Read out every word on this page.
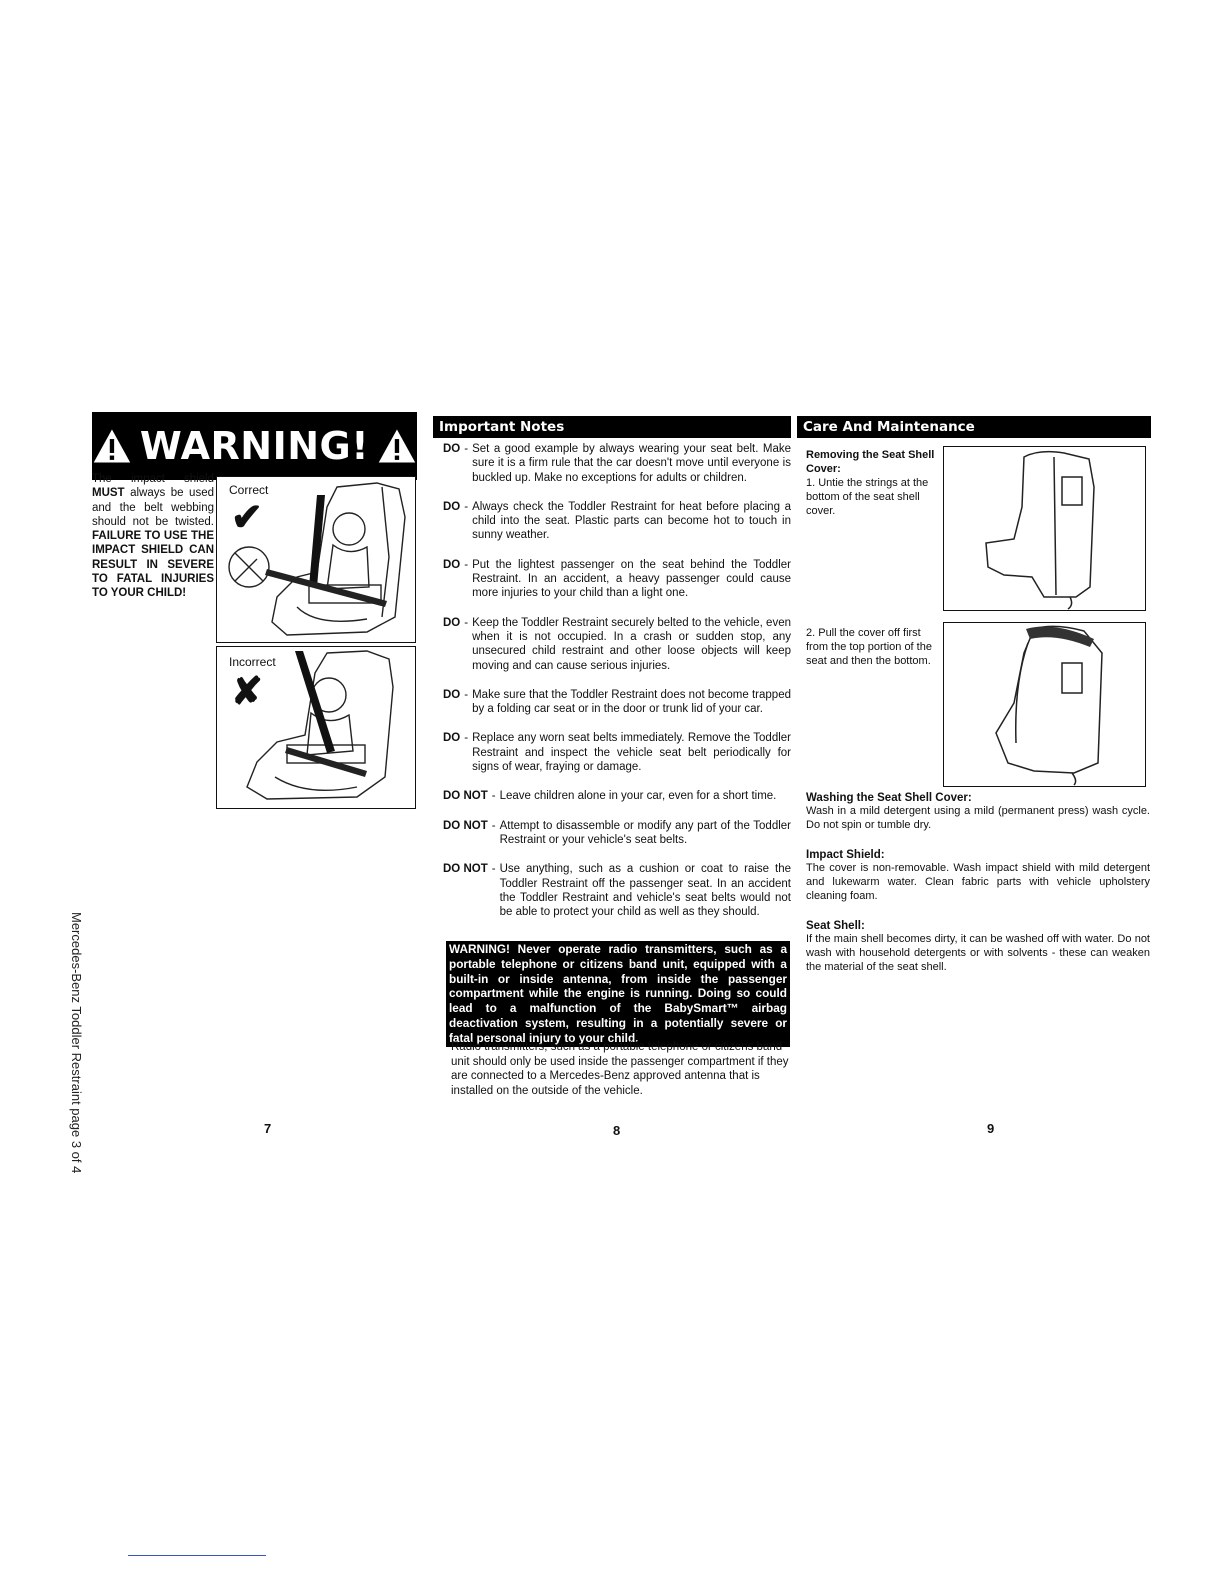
WARNING!
The impact shield MUST always be used and the belt webbing should not be twisted. FAILURE TO USE THE IMPACT SHIELD CAN RESULT IN SEVERE TO FATAL INJURIES TO YOUR CHILD!
Correct
✔
Incorrect
✘
Mercedes-Benz Toddler Restraint page 3 of 4	7
Important Notes
DO - Set a good example by always wearing your seat belt. Make sure it is a firm rule that the car doesn't move until everyone is buckled up. Make no exceptions for adults or children.
DO - Always check the Toddler Restraint for heat before placing a child into the seat. Plastic parts can become hot to touch in sunny weather.
DO - Put the lightest passenger on the seat behind the Toddler Restraint. In an accident, a heavy passenger could cause more injuries to your child than a light one.
DO - Keep the Toddler Restraint securely belted to the vehicle, even when it is not occupied. In a crash or sudden stop, any unsecured child restraint and other loose objects will keep moving and can cause serious injuries.
DO - Make sure that the Toddler Restraint does not become trapped by a folding car seat or in the door or trunk lid of your car.
DO - Replace any worn seat belts immediately. Remove the Toddler Restraint and inspect the vehicle seat belt periodically for signs of wear, fraying or damage.
DO NOT - Leave children alone in your car, even for a short time.
DO NOT - Attempt to disassemble or modify any part of the Toddler Restraint or your vehicle's seat belts.
DO NOT - Use anything, such as a cushion or coat to raise the Toddler Restraint off the passenger seat. In an accident the Toddler Restraint and vehicle's seat belts would not be able to protect your child as well as they should.
WARNING! Never operate radio transmitters, such as a portable telephone or citizens band unit, equipped with a built-in or inside antenna, from inside the passenger compartment while the engine is running. Doing so could lead to a malfunction of the BabySmart™ airbag deactivation system, resulting in a potentially severe or fatal personal injury to your child.
Radio transmitters, such as a portable telephone or citizens band unit should only be used inside the passenger compartment if they are connected to a Mercedes-Benz approved antenna that is installed on the outside of the vehicle.
8
Care And Maintenance
Removing the Seat Shell Cover:
1. Untie the strings at the bottom of the seat shell cover.
2. Pull the cover off first from the top portion of the seat and then the bottom.
Washing the Seat Shell Cover:
Wash in a mild detergent using a mild (permanent press) wash cycle. Do not spin or tumble dry.
Impact Shield:
The cover is non-removable. Wash impact shield with mild detergent and lukewarm water. Clean fabric parts with vehicle upholstery cleaning foam.
Seat Shell:
If the main shell becomes dirty, it can be washed off with water. Do not wash with household detergents or with solvents - these can weaken the material of the seat shell.
9
